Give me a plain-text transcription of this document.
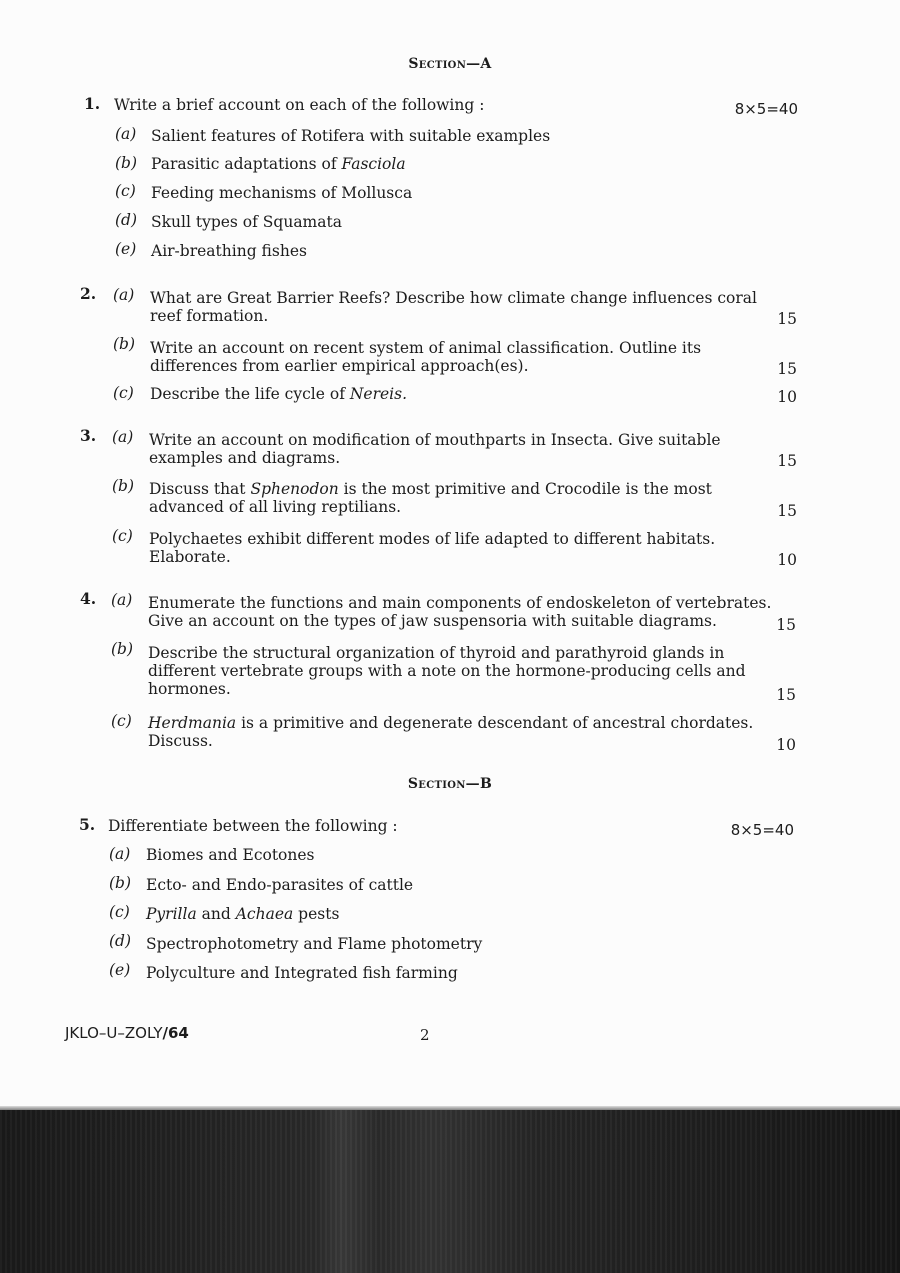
Section—A
1. Write a brief account on each of the following :	8×5=40
(a) Salient features of Rotifera with suitable examples
(b) Parasitic adaptations of Fasciola
(c) Feeding mechanisms of Mollusca
(d) Skull types of Squamata
(e) Air-breathing fishes
2. (a) What are Great Barrier Reefs? Describe how climate change influences coral
reef formation.	15
(b) Write an account on recent system of animal classification. Outline its
differences from earlier empirical approach(es).	15
(c) Describe the life cycle of Nereis.	10
3. (a) Write an account on modification of mouthparts in Insecta. Give suitable
examples and diagrams.	15
(b) Discuss that Sphenodon is the most primitive and Crocodile is the most
advanced of all living reptilians.	15
(c) Polychaetes exhibit different modes of life adapted to different habitats.
Elaborate.	10
4. (a) Enumerate the functions and main components of endoskeleton of vertebrates.
Give an account on the types of jaw suspensoria with suitable diagrams.	15
(b) Describe the structural organization of thyroid and parathyroid glands in
different vertebrate groups with a note on the hormone-producing cells and
hormones.	15
(c) Herdmania is a primitive and degenerate descendant of ancestral chordates.
Discuss.	10
Section—B
5. Differentiate between the following :	8×5=40
(a) Biomes and Ecotones
(b) Ecto- and Endo-parasites of cattle
(c) Pyrilla and Achaea pests
(d) Spectrophotometry and Flame photometry
(e) Polyculture and Integrated fish farming
JKLO–U–ZOLY/64	2
